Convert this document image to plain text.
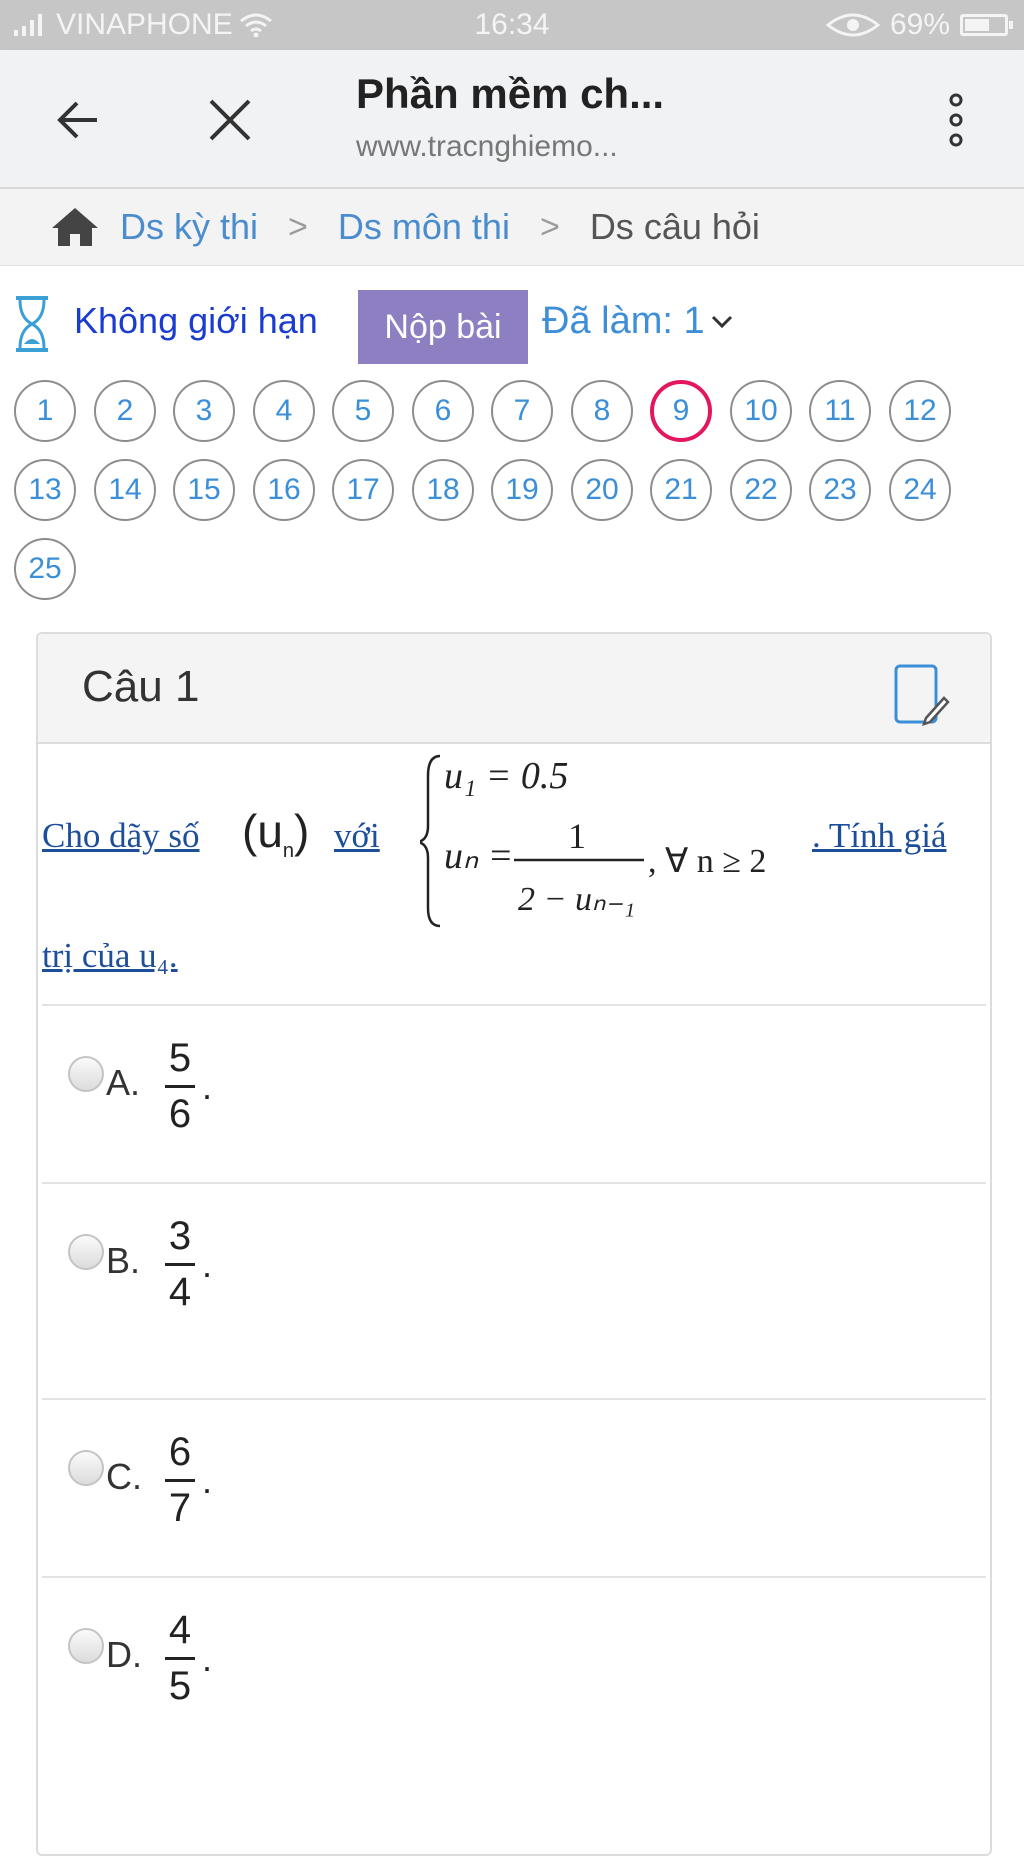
VINAPHONE	16:34	69%
Phần mềm ch...
www.tracnghiemo...
Ds kỳ thi > Ds môn thi > Ds câu hỏi
Không giới hạn	Nộp bài	Đã làm: 1
1	2	3	4	5	6	7	8	9	10	11	12
13	14	15	16	17	18	19	20	21	22	23	24
25
Câu 1
Cho dãy số $(u_n)$ với
u₁ = 0.5
uₙ = 1
2 − uₙ₋₁
, ∀ n ≥ 2
. Tính giá
trị của u₄.
A.
5
6
.
B.
3
4
.
C.
6
7
.
D.
4
5
.
